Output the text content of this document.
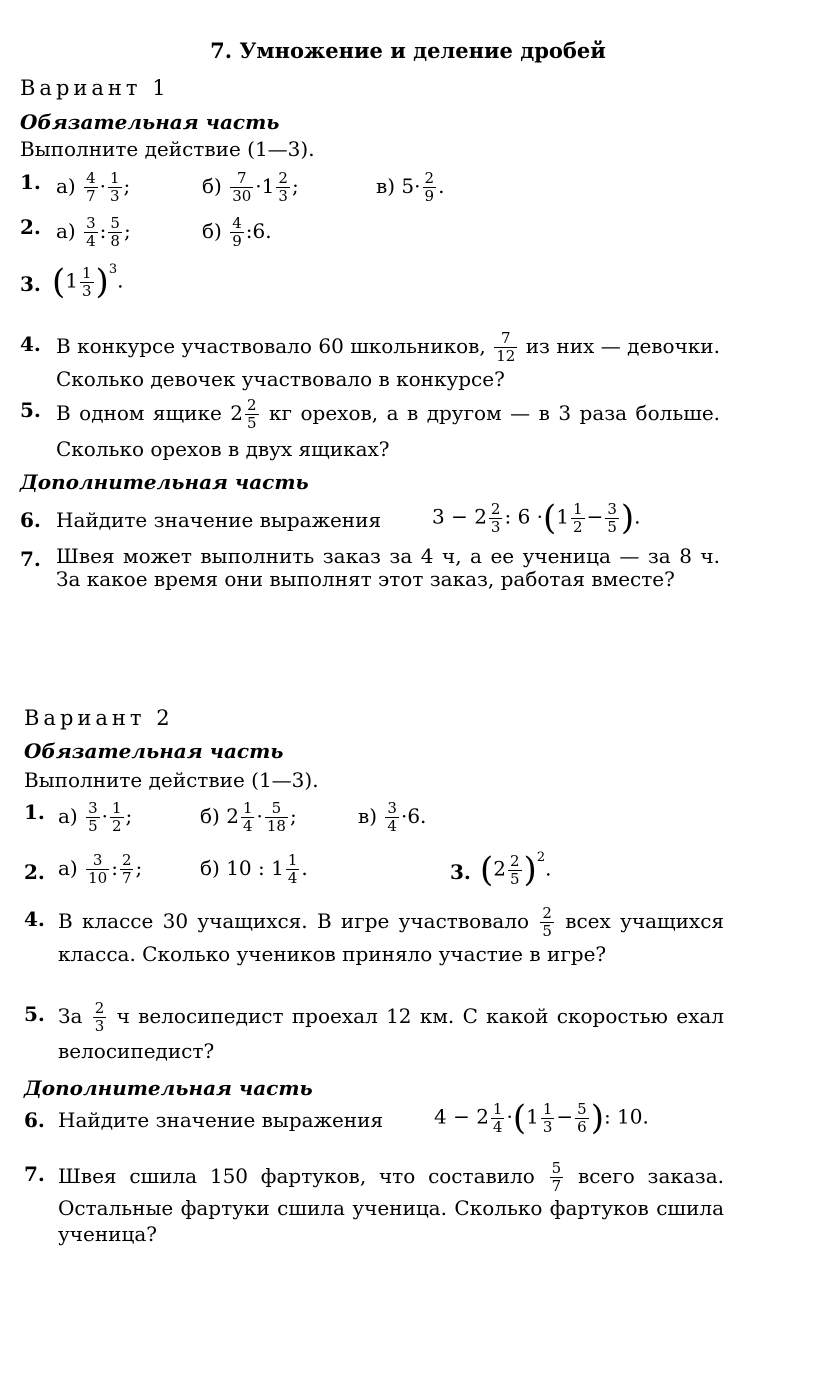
7. Умножение и деление дробей
Вариант 1
Обязательная часть
Выполните действие (1—3).
1. $а) \frac{4}{7} \cdot \frac{1}{3}$ ;	$б) \frac{7}{30} \cdot 1 \frac{2}{3}$ ;	в) $5\cdot \frac{2}{9}$ .
2. $а) \frac{3}{4}$ : $\frac{5}{8}$ ;	$б) \frac{4}{9}$ :6.
3. $(1 \frac{1}{3} )^3$.
4. В конкурсе участвовало 60 школьников, $\frac{7}{12}$ из них — девочки. Сколько девочек участвовало в конкурсе?
5. В одном ящике $2 \frac{2}{5}$ кг орехов, а в другом — в 3 раза больше. Сколько орехов в двух ящиках?
Дополнительная часть
6. Найдите значение выражения	$3 - 2 \frac{2}{3}$ : $6 \cdot(1 \frac{1}{2} - \frac{3}{5}$ ).
7. Швея может выполнить заказ за 4 ч, а ее ученица — за 8 ч. За какое время они выполнят этот заказ, работая вместе?
Вариант 2
Обязательная часть
Выполните действие (1—3).
1. $а) \frac{3}{5} \cdot \frac{1}{2}$ ;	б) $2 \frac{1}{4} \cdot \frac{5}{18}$ ;	$в) \frac{3}{4} \cdot 6$.
2. $а) \frac{3}{10}$ : $\frac{2}{7}$ ;	б) 10 : $1 \frac{1}{4}$ .	3. $(2 \frac{2}{5} )^2$.
4. В классе 30 учащихся. В игре участвовало $\frac{2}{5}$ всех учащихся класса. Сколько учеников приняло участие в игре?
5. За $\frac{2}{3}$ ч велосипедист проехал 12 км. С какой скоростью ехал велосипедист?
Дополнительная часть
6. Найдите значение выражения	$4 - 2 \frac{1}{4} \cdot(1 \frac{1}{3} - \frac{5}{6}$ ): 10.
7. Швея сшила 150 фартуков, что составило $\frac{5}{7}$ всего заказа. Остальные фартуки сшила ученица. Сколько фартуков сшила ученица?
